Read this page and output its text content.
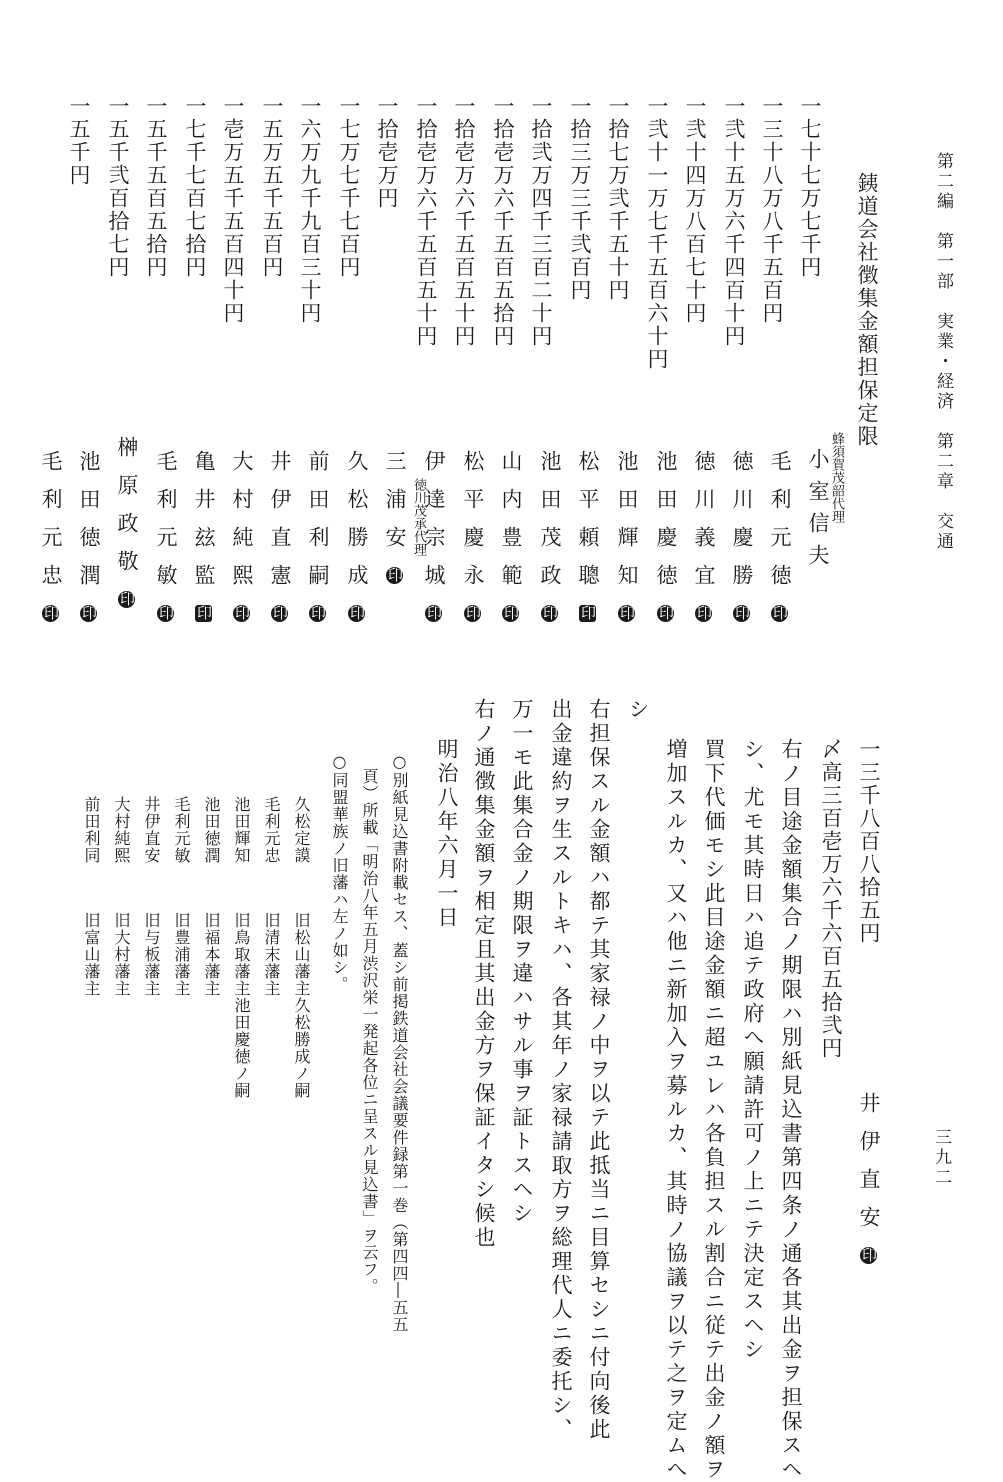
第二編　第一部　実業・経済　第二章　交通
銕道会社徴集金額担保定限
一七十七万七千円
一三十八万八千五百円
一弐十五万六千四百十円
一弐十四万八百七十円
一弐十一万七千五百六十円
一拾七万弐千五十円
一拾三万三千弐百円
一拾弐万四千三百二十円
一拾壱万六千五百五拾円
一拾壱万六千五百五十円
一拾壱万六千五百五十円
一拾壱万円
一七万七千七百円
一六万九千九百三十円
一五万五千五百円
一壱万五千五百四十円
一七千七百七拾円
一五千五百五拾円
一五千弐百拾七円
一五千円
蜂須賀茂韶代理
小室信夫
毛利元徳印
徳川慶勝印
徳川義宜印
池田慶徳印
池田輝知印
松平頼聰印
池田茂政印
山内豊範印
松平慶永印
伊達宗城印
三浦安印
徳川茂承代理
久松勝成印
前田利嗣印
井伊直憲印
大村純熙印
亀井玆監印
毛利元敏印
榊原政敬印
池田徳潤印
毛利元忠印
一三千八百八拾五円
〆高三百壱万六千六百五拾弐円
井伊直安印
右ノ目途金額集合ノ期限ハ別紙見込書第四条ノ通各其出金ヲ担保スヘ
シ、尤モ其時日ハ追テ政府へ願請許可ノ上ニテ決定スヘシ
買下代価モシ此目途金額ニ超ユレハ各負担スル割合ニ従テ出金ノ額ヲ
増加スルカ、又ハ他ニ新加入ヲ募ルカ、其時ノ協議ヲ以テ之ヲ定ムへ
シ
右担保スル金額ハ都テ其家禄ノ中ヲ以テ此抵当ニ目算セシニ付向後此
出金違約ヲ生スルトキハ、各其年ノ家禄請取方ヲ総理代人ニ委托シ、
万一モ此集合金ノ期限ヲ違ハサル事ヲ証トスヘシ
右ノ通徴集金額ヲ相定且其出金方ヲ保証イタシ候也
明治八年六月一日
○別紙見込書附載セス、蓋シ前掲鉄道会社会議要件録第一巻（第四四―五五
頁）所載「明治八年五月渋沢栄一発起各位ニ呈スル見込書」ヲ云フ。
○同盟華族ノ旧藩ハ左ノ如シ。
久松定謨
旧松山藩主久松勝成ノ嗣
毛利元忠
旧清末藩主
池田輝知
旧鳥取藩主池田慶徳ノ嗣
池田徳潤
旧福本藩主
毛利元敏
旧豊浦藩主
井伊直安
旧与板藩主
大村純熙
旧大村藩主
前田利同
旧富山藩主
三九二
